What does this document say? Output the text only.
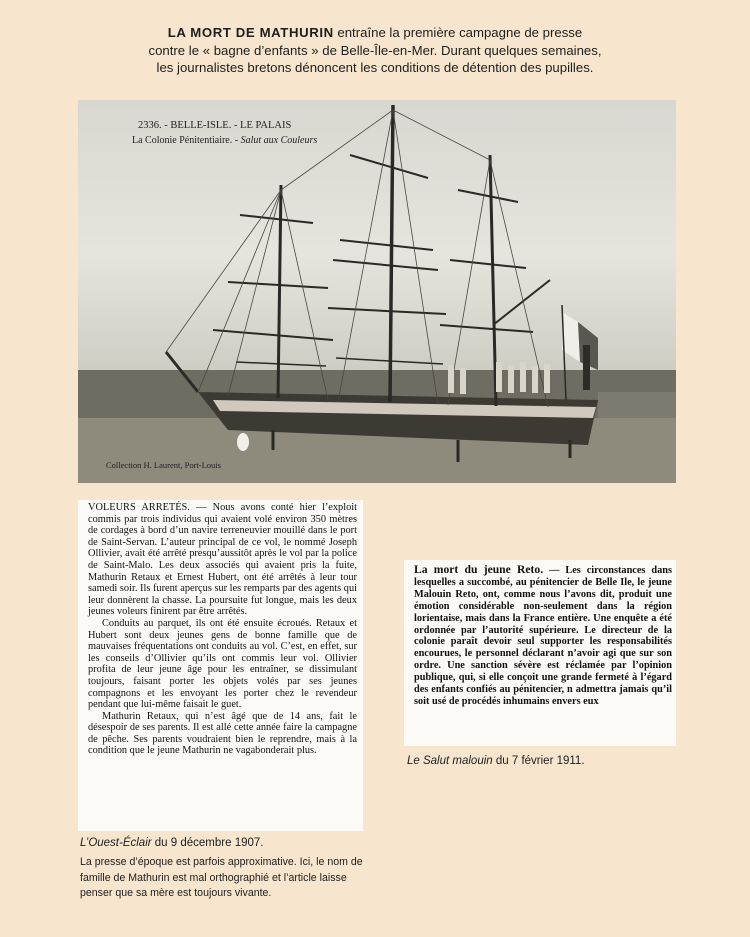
LA MORT DE MATHURIN entraîne la première campagne de presse
contre le « bagne d’enfants » de Belle-Île-en-Mer. Durant quelques semaines,
les journalistes bretons dénoncent les conditions de détention des pupilles.
2336. - BELLE-ISLE. - LE PALAIS
La Colonie Pénitentiaire. - Salut aux Couleurs
Collection H. Laurent, Port-Louis

VOLEURS ARRETÉS. — Nous avons conté hier l’exploit commis par trois individus qui avaient volé environ 350 mètres de cordages à bord d’un navire terreneuvier mouillé dans le port de Saint-Servan. L’auteur principal de ce vol, le nommé Joseph Ollivier, avait été arrêté presqu’aussitôt après le vol par la police de Saint-Malo. Les deux associés qui avaient pris la fuite, Mathurin Retaux et Ernest Hubert, ont été arrêtés à leur tour samedi soir. Ils furent aperçus sur les remparts par des agents qui leur donnèrent la chasse. La poursuite fut longue, mais les deux jeunes voleurs finirent par être arrêtés.

Conduits au parquet, ils ont été ensuite écroués. Retaux et Hubert sont deux jeunes gens de bonne famille que de mauvaises fréquentations ont conduits au vol. C’est, en effet, sur les conseils d’Ollivier qu’ils ont commis leur vol. Ollivier profita de leur jeune âge pour les entraîner, se dissimulant toujours, faisant porter les objets volés par ses jeunes compagnons et les envoyant les porter chez le revendeur pendant que lui-même faisait le guet.

Mathurin Retaux, qui n’est âgé que de 14 ans, fait le désespoir de ses parents. Il est allé cette année faire la campagne de pêche. Ses parents voudraient bien le reprendre, mais à la condition que le jeune Mathurin ne vagabonderait plus.

L’Ouest-Éclair du 9 décembre 1907.
La presse d’époque est parfois approximative. Ici, le nom de famille de Mathurin est mal orthographié et l’article laisse penser que sa mère est toujours vivante.

La mort du jeune Reto. — Les circonstances dans lesquelles a succombé, au pénitencier de Belle Ile, le jeune Malouin Reto, ont, comme nous l’avons dit, produit une émotion considérable non-seulement dans la région lorientaise, mais dans la France entière. Une enquête a été ordonnée par l’autorité supérieure. Le directeur de la colonie paraît devoir seul supporter les responsabilités encourues, le personnel déclarant n’avoir agi que sur son ordre. Une sanction sévère est réclamée par l’opinion publique, qui, si elle conçoit une grande fermeté à l’égard des enfants confiés au pénitencier, n admettra jamais qu’il soit usé de procédés inhumains envers eux

Le Salut malouin du 7 février 1911.
